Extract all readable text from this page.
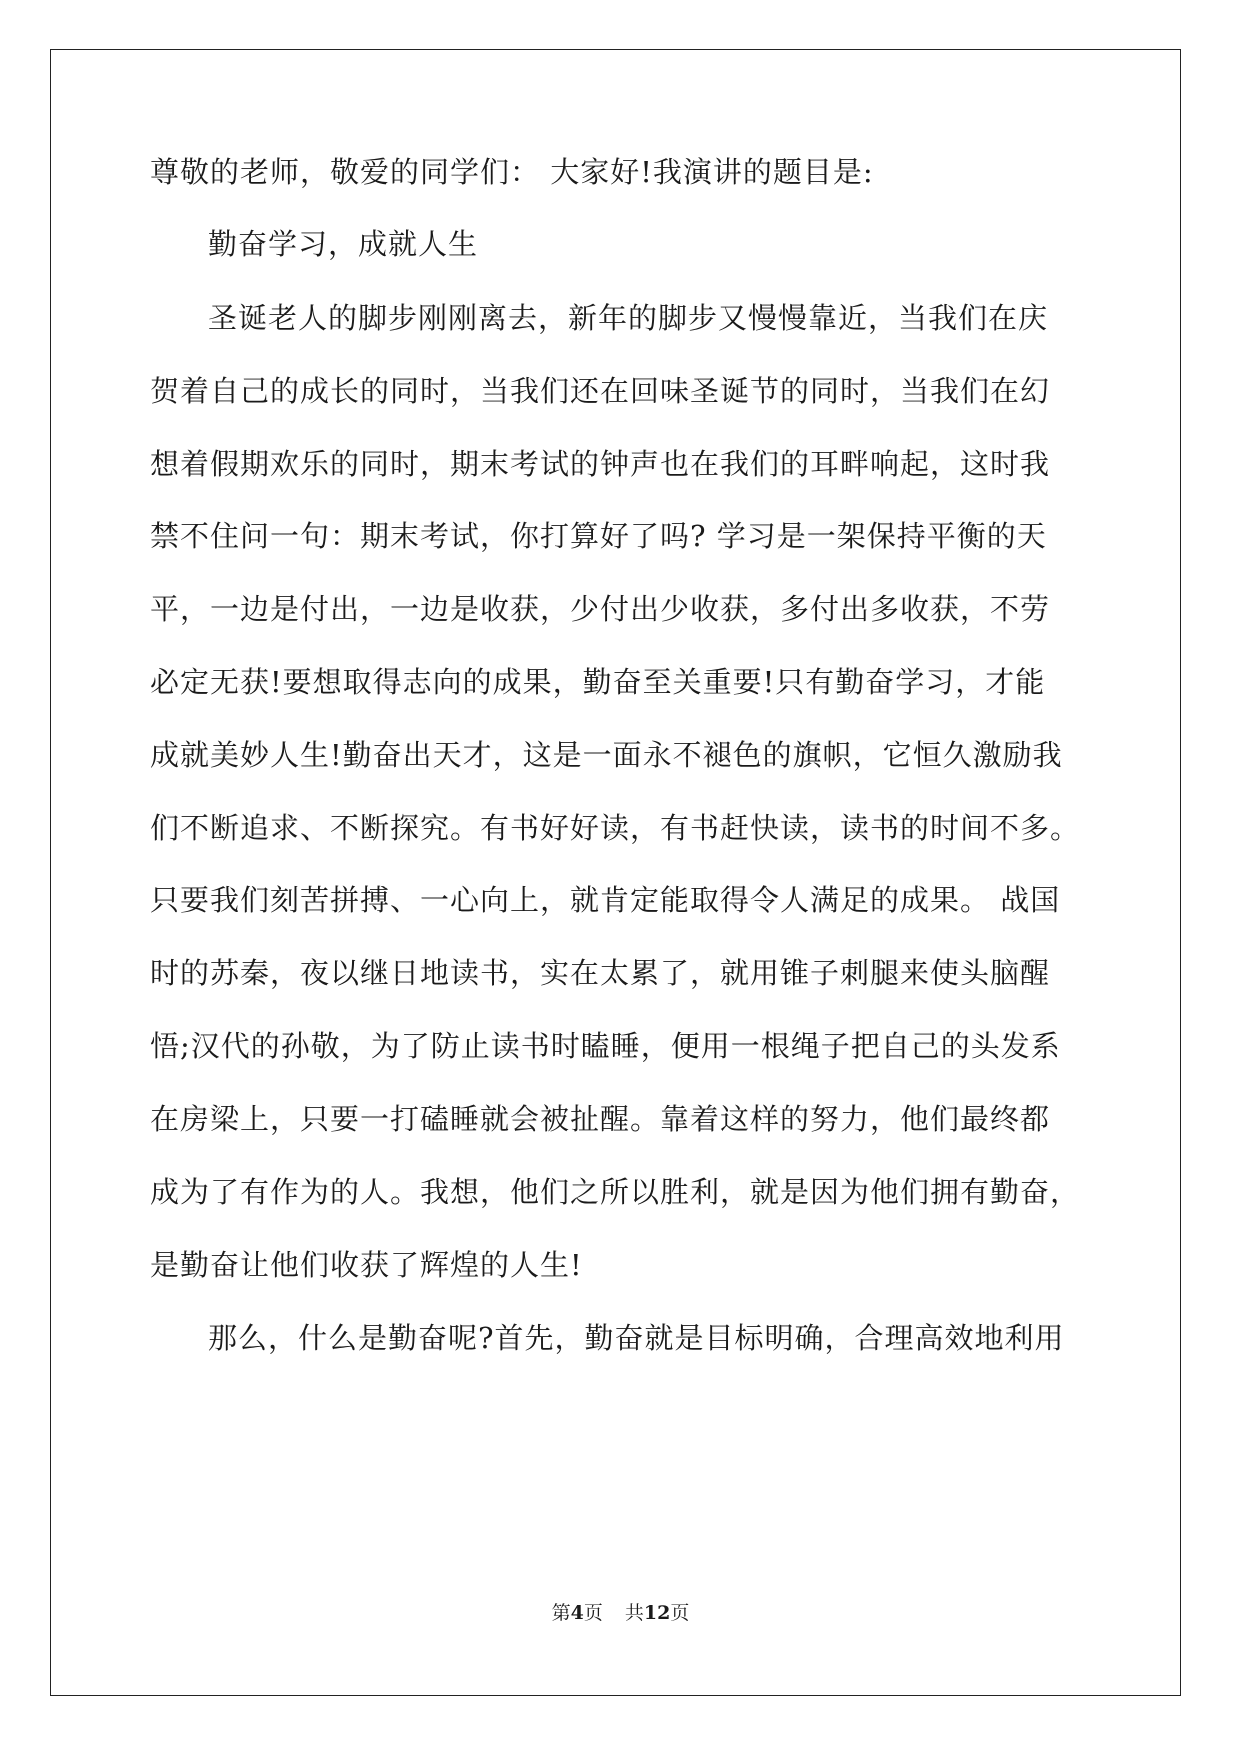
尊敬的老师，敬爱的同学们： 大家好!我演讲的题目是:
勤奋学习，成就人生
圣诞老人的脚步刚刚离去，新年的脚步又慢慢靠近，当我们在庆
贺着自己的成长的同时，当我们还在回味圣诞节的同时，当我们在幻
想着假期欢乐的同时，期末考试的钟声也在我们的耳畔响起，这时我
禁不住问一句：期末考试，你打算好了吗? 学习是一架保持平衡的天
平，一边是付出，一边是收获，少付出少收获，多付出多收获，不劳
必定无获!要想取得志向的成果，勤奋至关重要!只有勤奋学习，才能
成就美妙人生!勤奋出天才，这是一面永不褪色的旗帜，它恒久激励我
们不断追求、不断探究。有书好好读，有书赶快读，读书的时间不多。
只要我们刻苦拼搏、一心向上，就肯定能取得令人满足的成果。 战国
时的苏秦，夜以继日地读书，实在太累了，就用锥子刺腿来使头脑醒
悟;汉代的孙敬，为了防止读书时瞌睡，便用一根绳子把自己的头发系
在房梁上，只要一打磕睡就会被扯醒。靠着这样的努力，他们最终都
成为了有作为的人。我想，他们之所以胜利，就是因为他们拥有勤奋，
是勤奋让他们收获了辉煌的人生!
那么，什么是勤奋呢?首先，勤奋就是目标明确，合理高效地利用
第4页 共12页
